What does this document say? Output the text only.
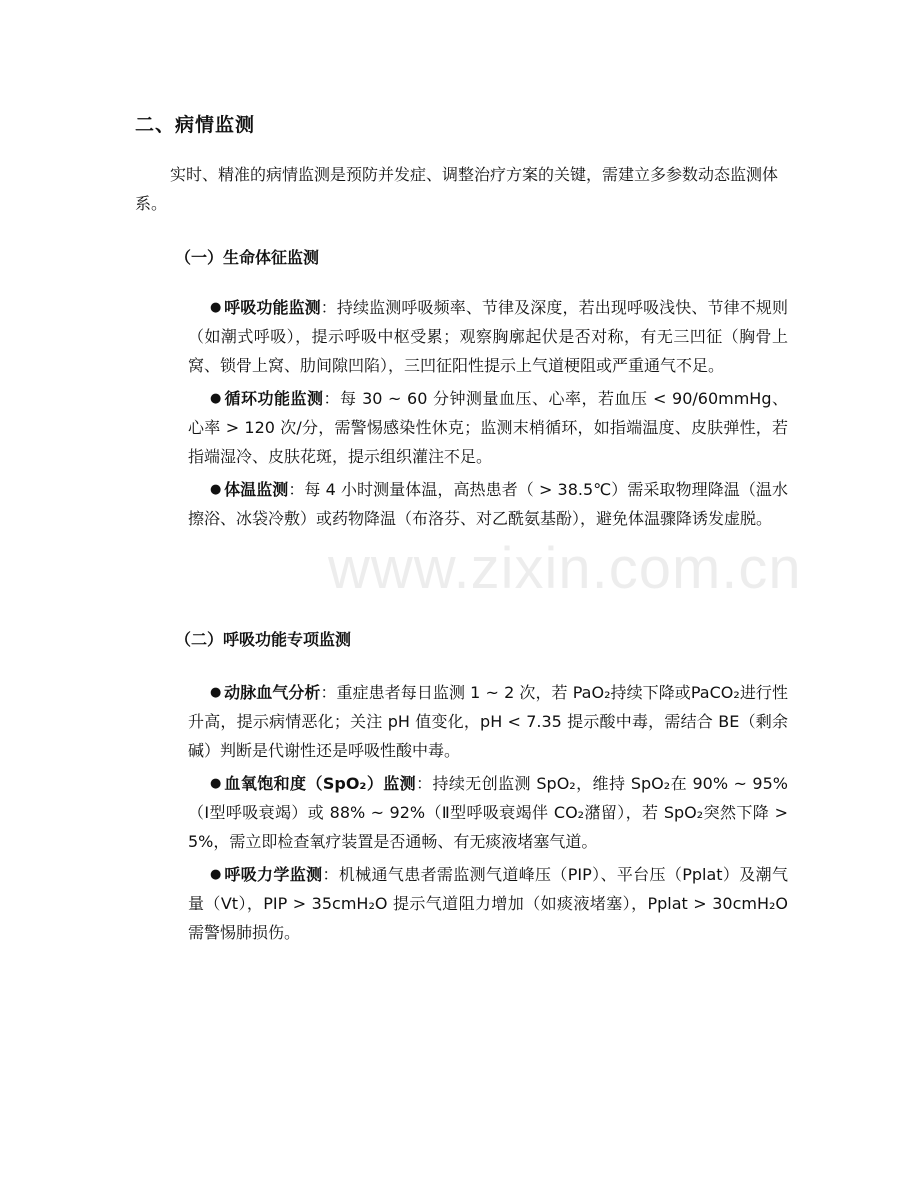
www.zixin.com.cn
二、病情监测

实时、精准的病情监测是预防并发症、调整治疗方案的关键，需建立多参数动态监测体系。

（一）生命体征监测
● 呼吸功能监测：持续监测呼吸频率、节律及深度，若出现呼吸浅快、节律不规则（如潮式呼吸），提示呼吸中枢受累；观察胸廓起伏是否对称，有无三凹征（胸骨上窝、锁骨上窝、肋间隙凹陷），三凹征阳性提示上气道梗阻或严重通气不足。
● 循环功能监测：每 30 ~ 60 分钟测量血压、心率，若血压 < 90/60mmHg、心率 > 120 次/分，需警惕感染性休克；监测末梢循环，如指端温度、皮肤弹性，若指端湿冷、皮肤花斑，提示组织灌注不足。
● 体温监测：每 4 小时测量体温，高热患者（ > 38.5℃）需采取物理降温（温水擦浴、冰袋冷敷）或药物降温（布洛芬、对乙酰氨基酚），避免体温骤降诱发虚脱。
（二）呼吸功能专项监测
● 动脉血气分析：重症患者每日监测 1 ~ 2 次，若 PaO₂持续下降或PaCO₂进行性升高，提示病情恶化；关注 pH 值变化，pH < 7.35 提示酸中毒，需结合 BE（剩余碱）判断是代谢性还是呼吸性酸中毒。
● 血氧饱和度（SpO₂）监测：持续无创监测 SpO₂，维持 SpO₂在 90% ~ 95%（Ⅰ型呼吸衰竭）或 88% ~ 92%（Ⅱ型呼吸衰竭伴 CO₂潴留），若 SpO₂突然下降 > 5%，需立即检查氧疗装置是否通畅、有无痰液堵塞气道。
● 呼吸力学监测：机械通气患者需监测气道峰压（PIP）、平台压（Pplat）及潮气量（Vt），PIP > 35cmH₂O 提示气道阻力增加（如痰液堵塞），Pplat > 30cmH₂O 需警惕肺损伤。
